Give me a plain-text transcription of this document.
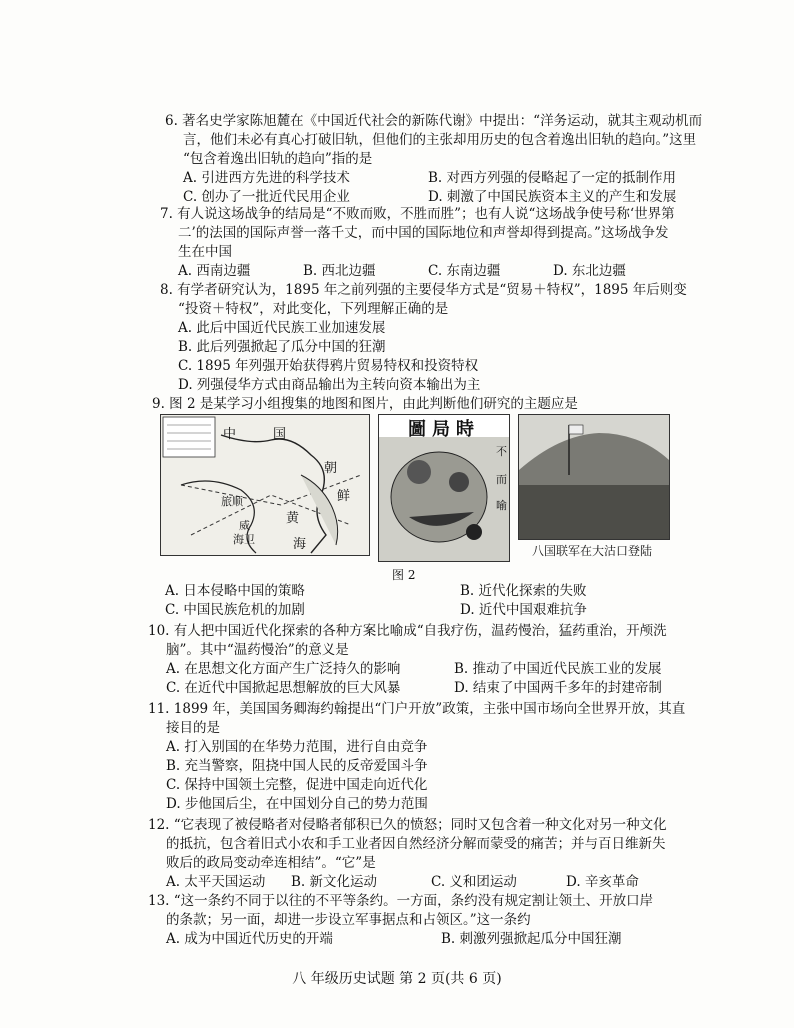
6. 著名史学家陈旭麓在《中国近代社会的新陈代谢》中提出：“洋务运动，就其主观动机而
言，他们未必有真心打破旧轨，但他们的主张却用历史的包含着逸出旧轨的趋向。”这里
“包含着逸出旧轨的趋向”指的是
A. 引进西方先进的科学技术	B. 对西方列强的侵略起了一定的抵制作用
C. 创办了一批近代民用企业	D. 刺激了中国民族资本主义的产生和发展
7. 有人说这场战争的结局是“不败而败，不胜而胜”；也有人说“这场战争使号称‘世界第
二’的法国的国际声誉一落千丈，而中国的国际地位和声誉却得到提高。”这场战争发
生在中国
A. 西南边疆	B. 西北边疆	C. 东南边疆	D. 东北边疆
8. 有学者研究认为，1895 年之前列强的主要侵华方式是“贸易＋特权”，1895 年后则变
“投资＋特权”，对此变化，下列理解正确的是
A. 此后中国近代民族工业加速发展
B. 此后列强掀起了瓜分中国的狂潮
C. 1895 年列强开始获得鸦片贸易特权和投资特权
D. 列强侵华方式由商品输出为主转向资本输出为主
9. 图 2 是某学习小组搜集的地图和图片，由此判断他们研究的主题应是
中	国
朝
鲜
旅顺
黄
海
威
海卫
圖局時
不
而
喻
八国联军在大沽口登陆
图 2
A. 日本侵略中国的策略	B. 近代化探索的失败
C. 中国民族危机的加剧	D. 近代中国艰难抗争
10. 有人把中国近代化探索的各种方案比喻成“自我疗伤，温药慢治，猛药重治，开颅洗
脑”。其中“温药慢治”的意义是
A. 在思想文化方面产生广泛持久的影响	B. 推动了中国近代民族工业的发展
C. 在近代中国掀起思想解放的巨大风暴	D. 结束了中国两千多年的封建帝制
11. 1899 年，美国国务卿海约翰提出“门户开放”政策，主张中国市场向全世界开放，其直
接目的是
A. 打入别国的在华势力范围，进行自由竞争
B. 充当警察，阻挠中国人民的反帝爱国斗争
C. 保持中国领土完整，促进中国走向近代化
D. 步他国后尘，在中国划分自己的势力范围
12. “它表现了被侵略者对侵略者郁积已久的愤怒；同时又包含着一种文化对另一种文化
的抵抗，包含着旧式小农和手工业者因自然经济分解而蒙受的痛苦；并与百日维新失
败后的政局变动牵连相结”。“它”是
A. 太平天国运动	B. 新文化运动	C. 义和团运动	D. 辛亥革命
13. “这一条约不同于以往的不平等条约。一方面，条约没有规定割让领土、开放口岸
的条款；另一面，却进一步设立军事据点和占领区。”这一条约
A. 成为中国近代历史的开端	B. 刺激列强掀起瓜分中国狂潮
八 年级历史试题 第 2 页(共 6 页)
